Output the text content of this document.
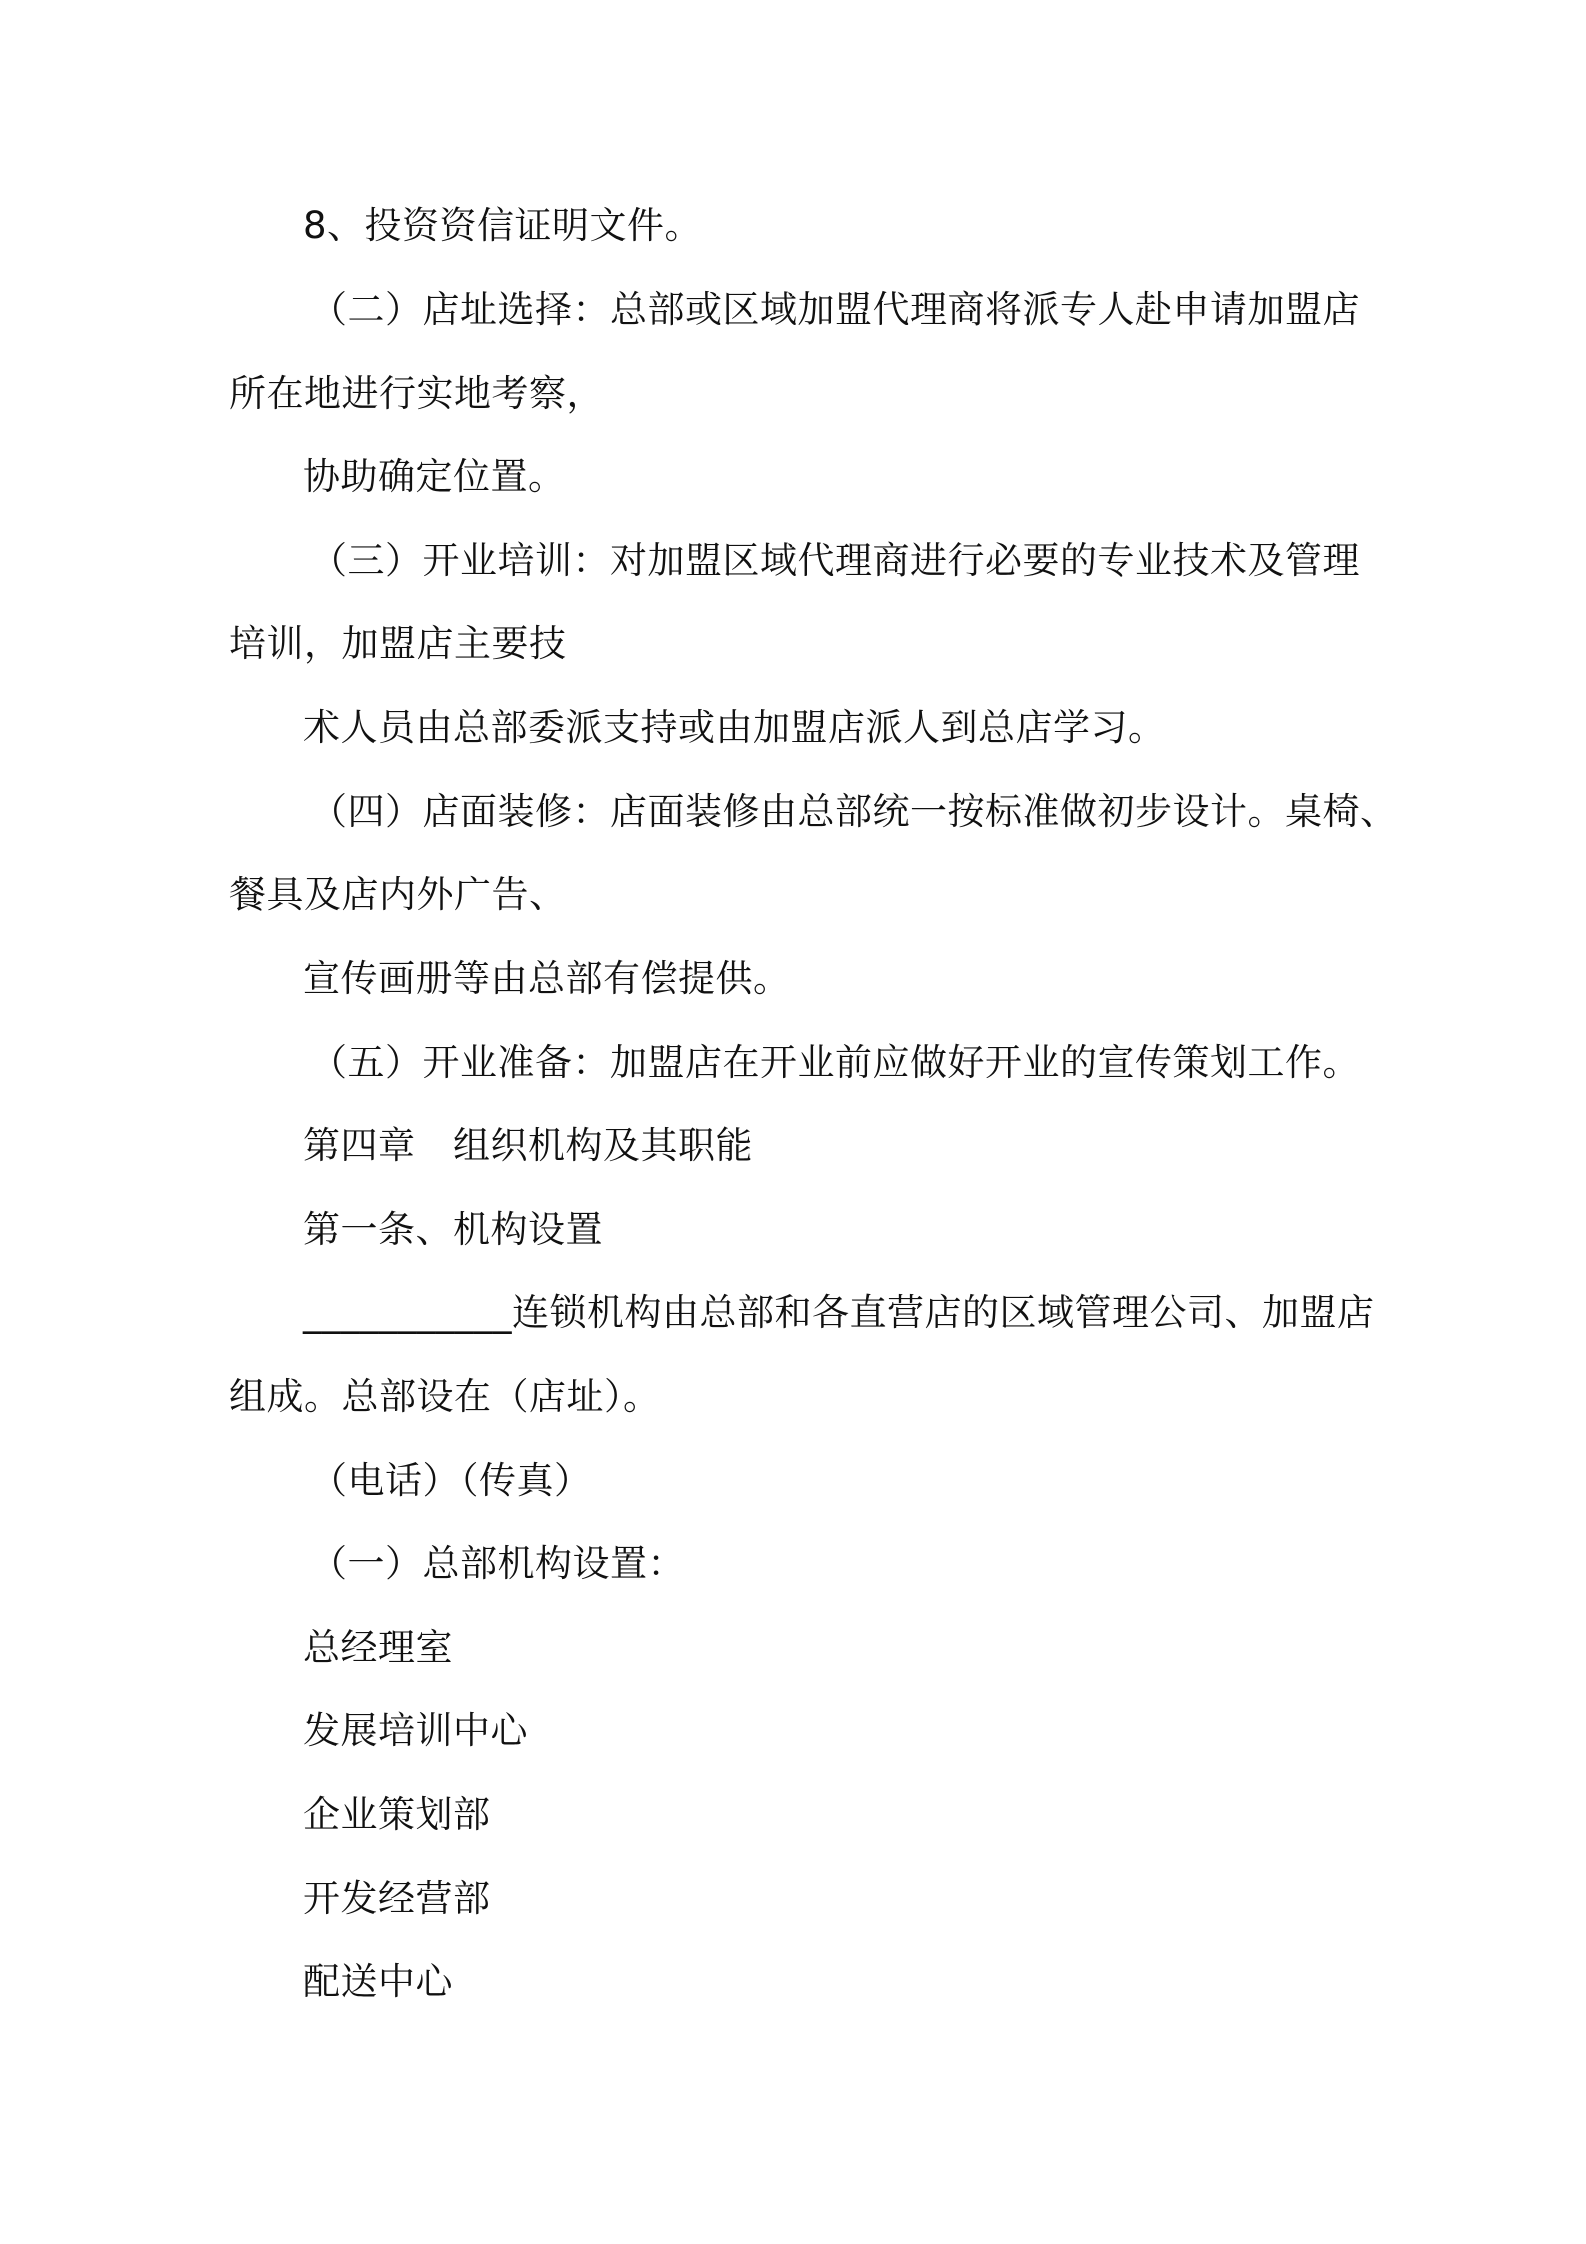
8、投资资信证明文件。
（二）店址选择：总部或区域加盟代理商将派专人赴申请加盟店
所在地进行实地考察，
协助确定位置。
（三）开业培训：对加盟区域代理商进行必要的专业技术及管理
培训，加盟店主要技
术人员由总部委派支持或由加盟店派人到总店学习。
（四）店面装修：店面装修由总部统一按标准做初步设计。桌椅、
餐具及店内外广告、
宣传画册等由总部有偿提供。
（五）开业准备：加盟店在开业前应做好开业的宣传策划工作。
第四章　组织机构及其职能
第一条、机构设置
___________连锁机构由总部和各直营店的区域管理公司、加盟店
组成。总部设在（店址）。
（电话）（传真）
（一）总部机构设置：
总经理室
发展培训中心
企业策划部
开发经营部
配送中心
